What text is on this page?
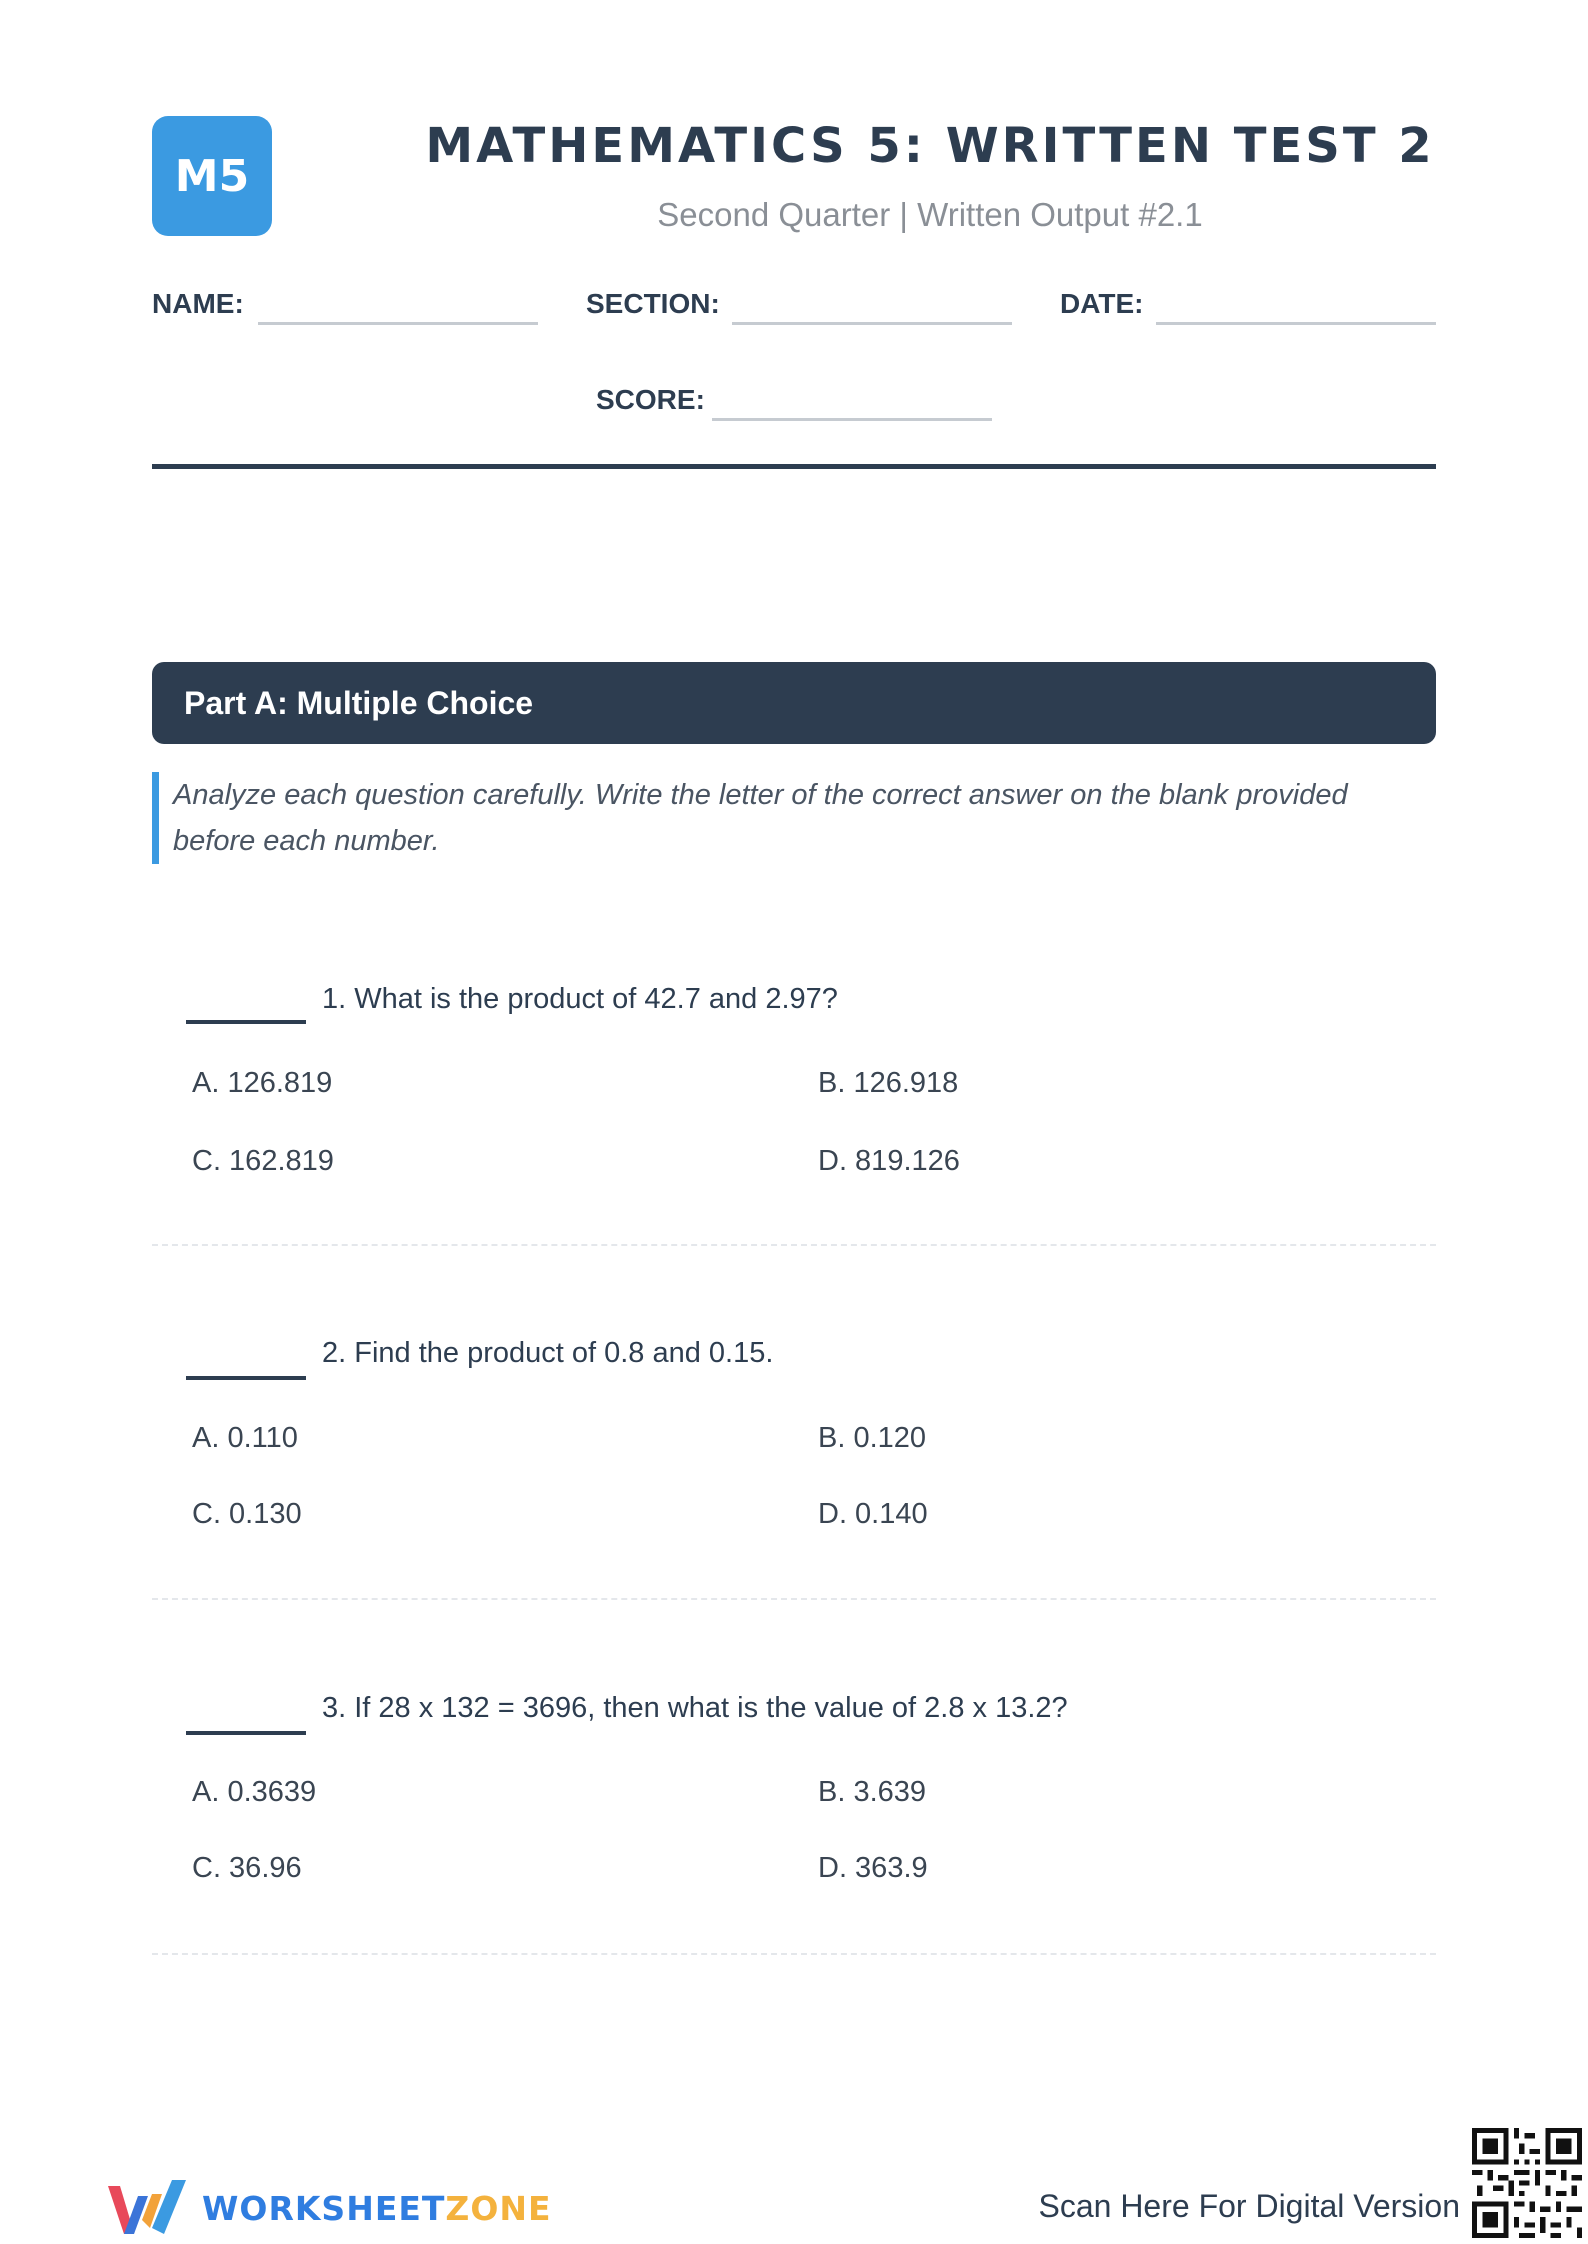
M5
MATHEMATICS 5: WRITTEN TEST 2
Second Quarter | Written Output #2.1
NAME:	SECTION:	DATE:
SCORE:
Part A: Multiple Choice
Analyze each question carefully. Write the letter of the correct answer on the blank provided before each number.
1. What is the product of 42.7 and 2.97?
A. 126.819	B. 126.918
C. 162.819	D. 819.126
2. Find the product of 0.8 and 0.15.
A. 0.110	B. 0.120
C. 0.130	D. 0.140
3. If 28 x 132 = 3696, then what is the value of 2.8 x 13.2?
A. 0.3639	B. 3.639
C. 36.96	D. 363.9
WORKSHEETZONE	Scan Here For Digital Version
